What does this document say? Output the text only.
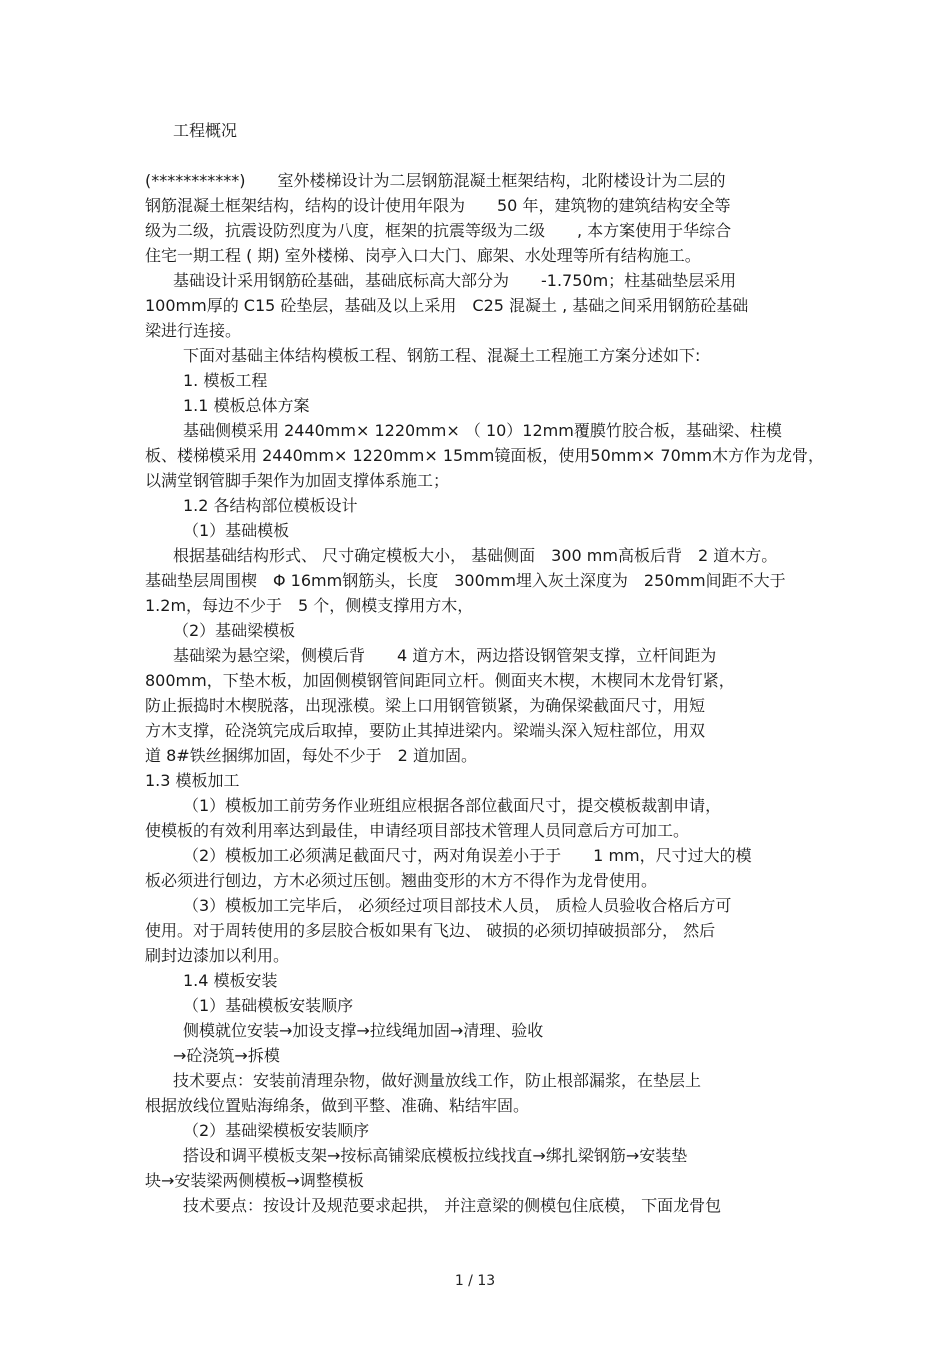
工程概况
(***********)　　室外楼梯设计为二层钢筋混凝土框架结构，北附楼设计为二层的
钢筋混凝土框架结构，结构的设计使用年限为　　50 年，建筑物的建筑结构安全等
级为二级，抗震设防烈度为八度，框架的抗震等级为二级　　, 本方案使用于华综合
住宅一期工程 ( 期) 室外楼梯、岗亭入口大门、廊架、水处理等所有结构施工。
基础设计采用钢筋砼基础，基础底标高大部分为　　-1.750m；柱基础垫层采用
100mm厚的 C15 砼垫层，基础及以上采用　C25 混凝土 , 基础之间采用钢筋砼基础
梁进行连接。
下面对基础主体结构模板工程、钢筋工程、混凝土工程施工方案分述如下:
1. 模板工程
1.1 模板总体方案
基础侧模采用 2440mm× 1220mm× （ 10）12mm覆膜竹胶合板，基础梁、柱模
板、楼梯模采用 2440mm× 1220mm× 15mm镜面板，使用50mm× 70mm木方作为龙骨，
以满堂钢管脚手架作为加固支撑体系施工；
1.2 各结构部位模板设计
（1）基础模板
根据基础结构形式、 尺寸确定模板大小， 基础侧面　300 mm高板后背　2 道木方。
基础垫层周围楔　Φ 16mm钢筋头，长度　300mm埋入灰土深度为　250mm间距不大于
1.2m，每边不少于　5 个，侧模支撑用方木，
（2）基础梁模板
基础梁为悬空梁，侧模后背　　4 道方木，两边搭设钢管架支撑，立杆间距为
800mm，下垫木板，加固侧模钢管间距同立杆。侧面夹木楔，木楔同木龙骨钉紧，
防止振捣时木楔脱落，出现涨模。梁上口用钢管锁紧，为确保梁截面尺寸，用短
方木支撑，砼浇筑完成后取掉，要防止其掉进梁内。梁端头深入短柱部位，用双
道 8#铁丝捆绑加固，每处不少于　2 道加固。
1.3 模板加工
（1）模板加工前劳务作业班组应根据各部位截面尺寸，提交模板裁割申请，
使模板的有效利用率达到最佳，申请经项目部技术管理人员同意后方可加工。
（2）模板加工必须满足截面尺寸，两对角误差小于于　　1 mm，尺寸过大的模
板必须进行刨边，方木必须过压刨。翘曲变形的木方不得作为龙骨使用。
（3）模板加工完毕后， 必须经过项目部技术人员， 质检人员验收合格后方可
使用。对于周转使用的多层胶合板如果有飞边、 破损的必须切掉破损部分， 然后
刷封边漆加以利用。
1.4 模板安装
（1）基础模板安装顺序
侧模就位安装→加设支撑→拉线绳加固→清理、验收
→砼浇筑→拆模
技术要点：安装前清理杂物，做好测量放线工作，防止根部漏浆，在垫层上
根据放线位置贴海绵条，做到平整、准确、粘结牢固。
（2）基础梁模板安装顺序
搭设和调平模板支架→按标高铺梁底模板拉线找直→绑扎梁钢筋→安装垫
块→安装梁两侧模板→调整模板
技术要点：按设计及规范要求起拱， 并注意梁的侧模包住底模， 下面龙骨包
1 / 13
